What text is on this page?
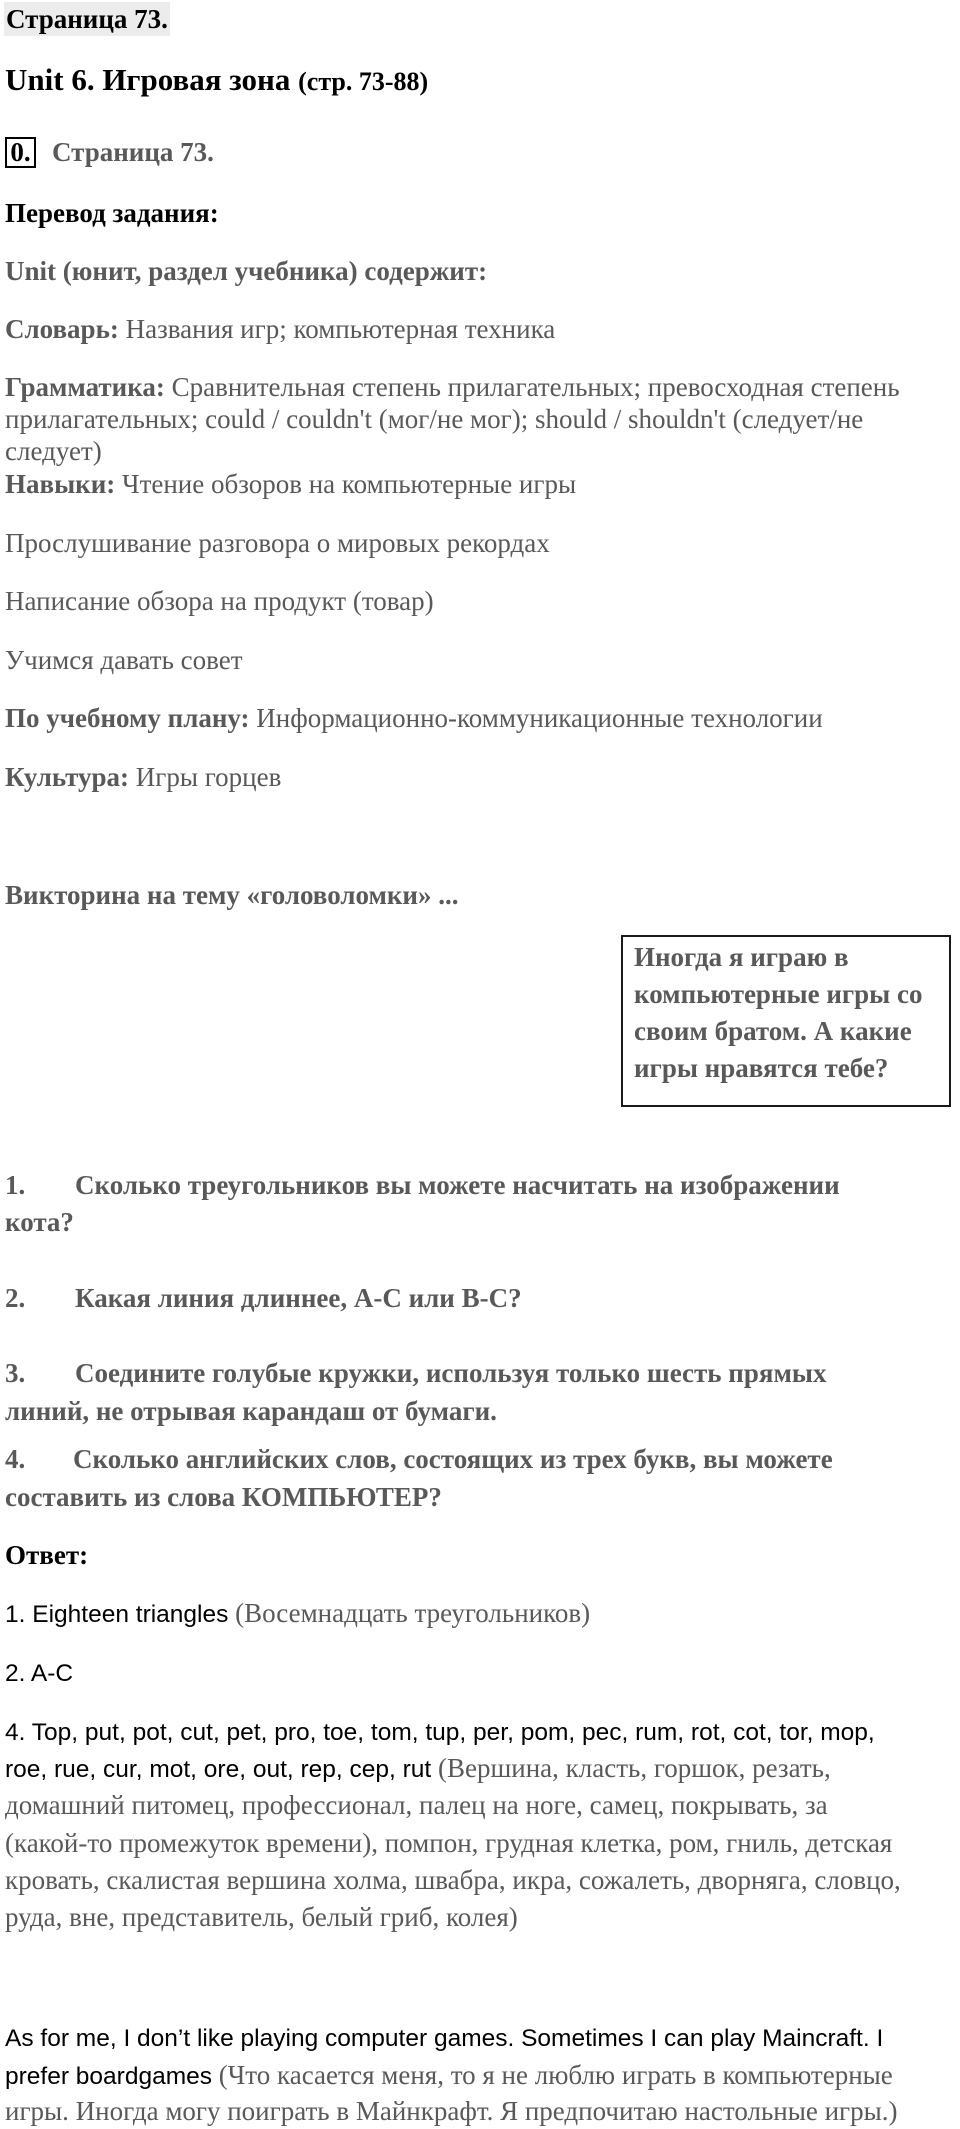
Страница 73.
Unit 6. Игровая зона (стр. 73-88)
0. Страница 73.
Перевод задания:
Unit (юнит, раздел учебника) содержит:
Словарь: Названия игр; компьютерная техника
Грамматика: Сравнительная степень прилагательных; превосходная степень
прилагательных; could / couldn't (мог/не мог); should / shouldn't (следует/не
следует)
Навыки: Чтение обзоров на компьютерные игры
Прослушивание разговора о мировых рекордах
Написание обзора на продукт (товар)
Учимся давать совет
По учебному плану: Информационно-коммуникационные технологии
Культура: Игры горцев
Викторина на тему «головоломки» ...
Иногда я играю в
компьютерные игры со
своим братом. А какие
игры нравятся тебе?
1. Сколько треугольников вы можете насчитать на изображении
кота?
2. Какая линия длиннее, А-С или В-С?
3. Соедините голубые кружки, используя только шесть прямых
линий, не отрывая карандаш от бумаги.
4. Сколько английских слов, состоящих из трех букв, вы можете
составить из слова КОМПЬЮТЕР?
Ответ:
1. Eighteen triangles (Восемнадцать треугольников)
2. A-C
4. Top, put, pot, cut, pet, pro, toe, tom, tup, per, pom, pec, rum, rot, cot, tor, mop,
roe, rue, cur, mot, ore, out, rep, cep, rut (Вершина, класть, горшок, резать,
домашний питомец, профессионал, палец на ноге, самец, покрывать, за
(какой-то промежуток времени), помпон, грудная клетка, ром, гниль, детская
кровать, скалистая вершина холма, швабра, икра, сожалеть, дворняга, словцо,
руда, вне, представитель, белый гриб, колея)
As for me, I don’t like playing computer games. Sometimes I can play Maincraft. I
prefer boardgames (Что касается меня, то я не люблю играть в компьютерные
игры. Иногда могу поиграть в Майнкрафт. Я предпочитаю настольные игры.)
